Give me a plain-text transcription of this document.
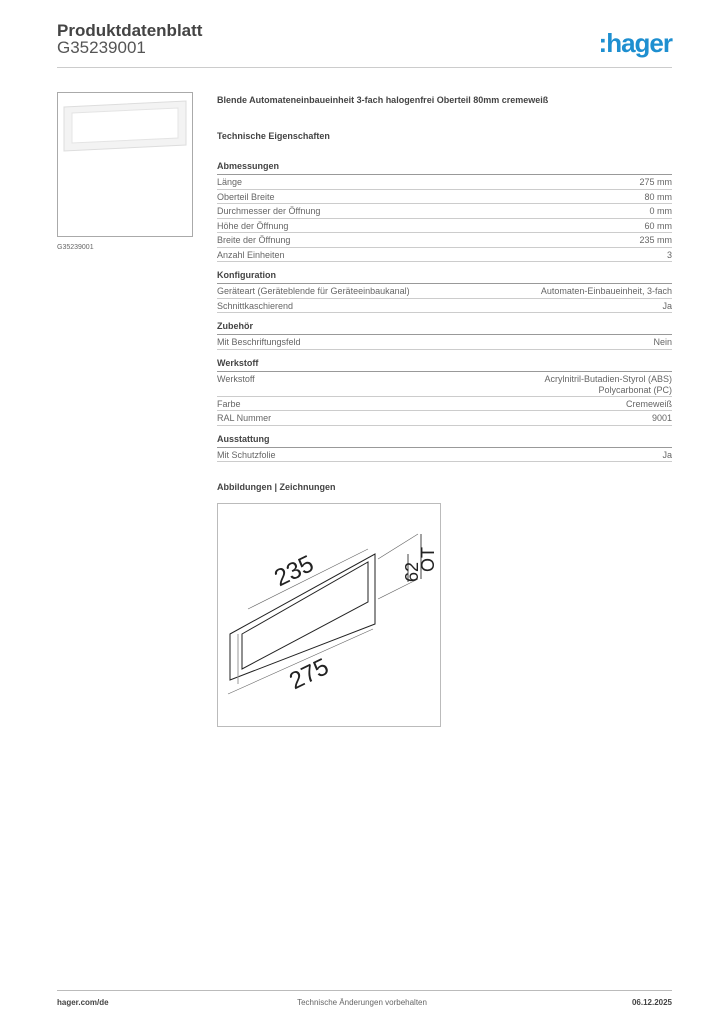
Produktdatenblatt
G35239001	:hager
G35239001
Blende Automateneinbaueinheit 3-fach halogenfrei Oberteil 80mm cremeweiß
Technische Eigenschaften
Abmessungen
Länge	275 mm
Oberteil Breite	80 mm
Durchmesser der Öffnung	0 mm
Höhe der Öffnung	60 mm
Breite der Öffnung	235 mm
Anzahl Einheiten	3
Konfiguration
Geräteart (Geräteblende für Geräteeinbaukanal)	Automaten-Einbaueinheit, 3-fach
Schnittkaschierend	Ja
Zubehör
Mit Beschriftungsfeld	Nein
Werkstoff
Werkstoff	Acrylnitril-Butadien-Styrol (ABS)
Polycarbonat (PC)
Farbe	Cremeweiß
RAL Nummer	9001
Ausstattung
Mit Schutzfolie	Ja
Abbildungen | Zeichnungen
235
275
62
OT
hager.com/de	Technische Änderungen vorbehalten	06.12.2025
